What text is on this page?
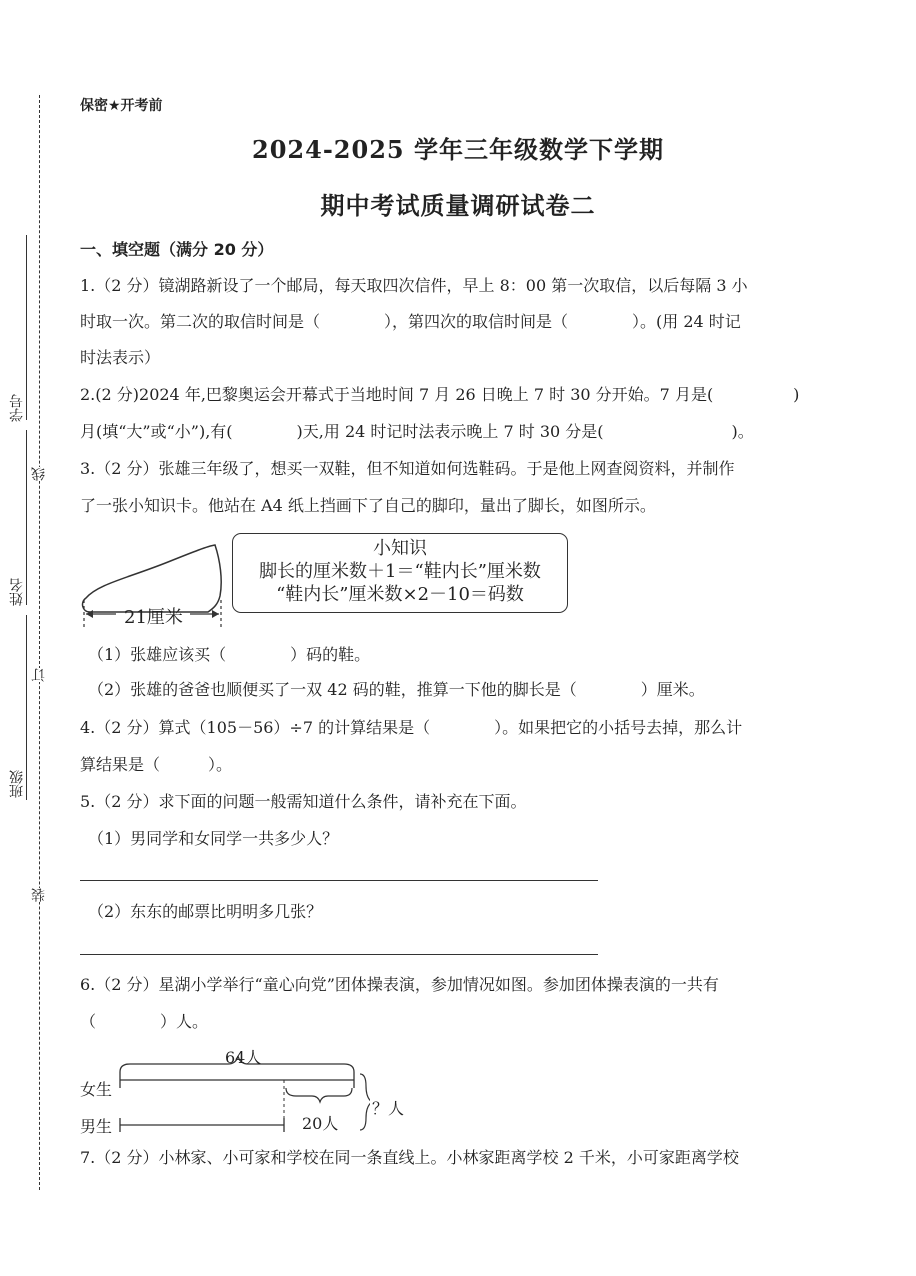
学号
姓名
班级
线
订
装
保密★开考前
2024-2025 学年三年级数学下学期
期中考试质量调研试卷二
一、填空题（满分 20 分）
1.（2 分）镜湖路新设了一个邮局，每天取四次信件，早上 8：00 第一次取信，以后每隔 3 小
时取一次。第二次的取信时间是（　　　　），第四次的取信时间是（　　　　）。(用 24 时记
时法表示）
2.(2 分)2024 年,巴黎奥运会开幕式于当地时间 7 月 26 日晚上 7 时 30 分开始。7 月是(　　　　　)
月(填“大”或“小”),有(　　　　)天,用 24 时记时法表示晚上 7 时 30 分是(　　　　　　　　)。
3.（2 分）张雄三年级了，想买一双鞋，但不知道如何选鞋码。于是他上网查阅资料，并制作
了一张小知识卡。他站在 A4 纸上挡画下了自己的脚印，量出了脚长，如图所示。
21厘米
小知识
脚长的厘米数＋1＝“鞋内长”厘米数
“鞋内长”厘米数×2－10＝码数
（1）张雄应该买（　　　　）码的鞋。
（2）张雄的爸爸也顺便买了一双 42 码的鞋，推算一下他的脚长是（　　　　）厘米。
4.（2 分）算式（105－56）÷7 的计算结果是（　　　　）。如果把它的小括号去掉，那么计
算结果是（　　　）。
5.（2 分）求下面的问题一般需知道什么条件，请补充在下面。
（1）男同学和女同学一共多少人？
（2）东东的邮票比明明多几张？
6.（2 分）星湖小学举行“童心向党”团体操表演，参加情况如图。参加团体操表演的一共有
（　　　　）人。
64人
女生
男生	20人
？人
7.（2 分）小林家、小可家和学校在同一条直线上。小林家距离学校 2 千米，小可家距离学校
